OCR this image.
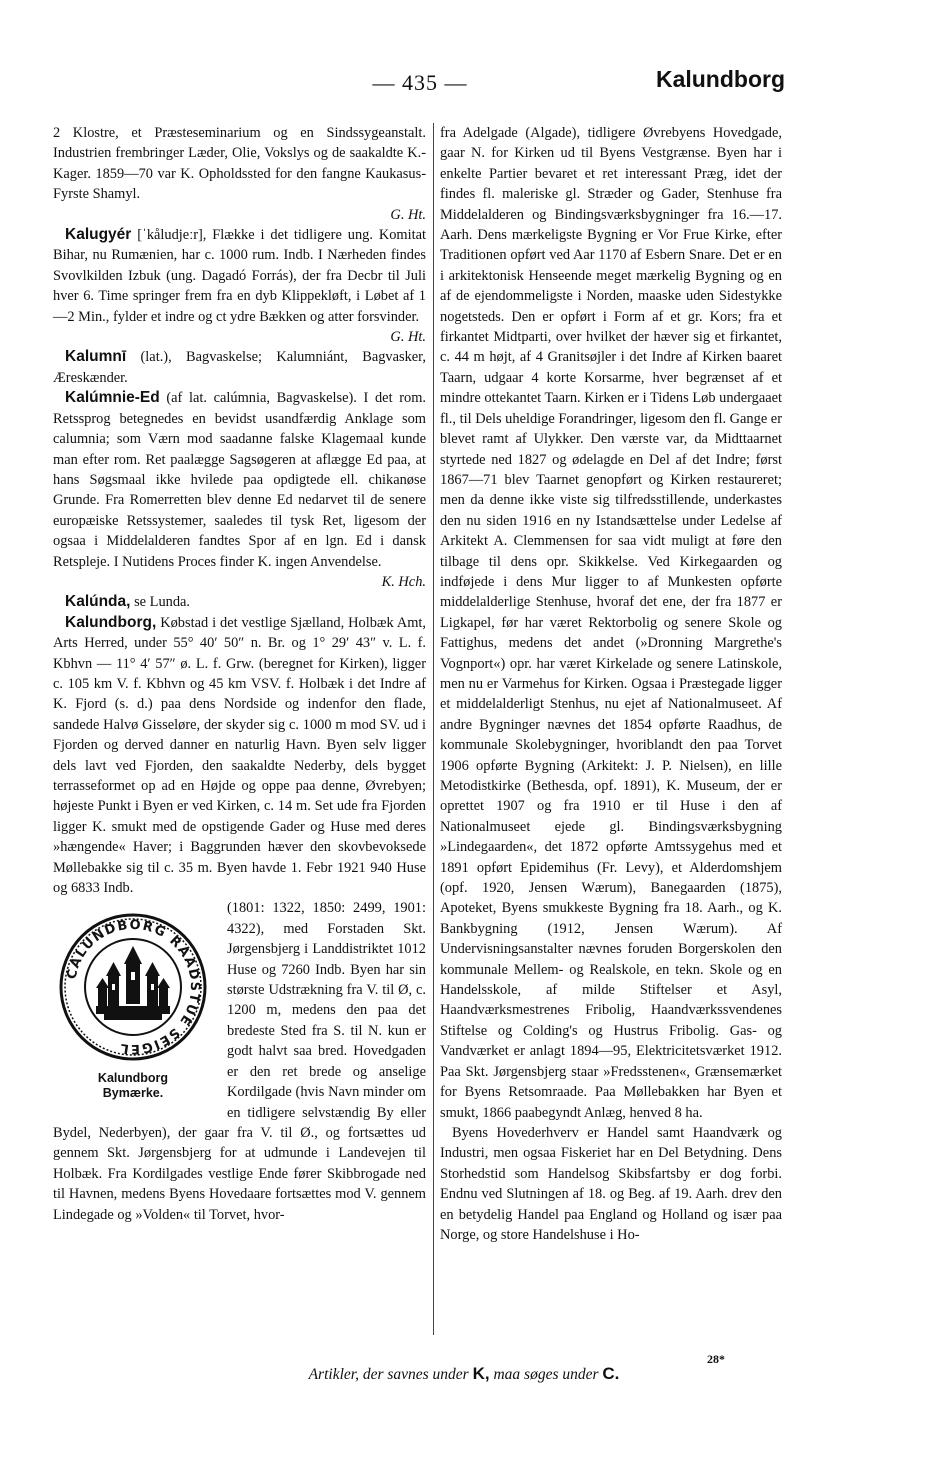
— 435 —	Kalundborg

2 Klostre, et Præsteseminarium og en Sindssygeanstalt. Industrien frembringer Læder, Olie, Vokslys og de saakaldte K.-Kager. 1859—70 var K. Opholdssted for den fangne Kaukasus-Fyrste Shamyl.
G. Ht.

Kalugyér [ˈkåludjeːr], Flække i det tidligere ung. Komitat Bihar, nu Rumænien, har c. 1000 rum. Indb. I Nærheden findes Svovlkilden Izbuk (ung. Dagadó Forrás), der fra Decbr til Juli hver 6. Time springer frem fra en dyb Klippekløft, i Løbet af 1—2 Min., fylder et indre og ct ydre Bækken og atter forsvinder.
G. Ht.

Kalumnī (lat.), Bagvaskelse; Kalumniánt, Bagvasker, Æreskænder.

Kalúmnie-Ed (af lat. calúmnia, Bagvaskelse). I det rom. Retssprog betegnedes en bevidst usandfærdig Anklage som calumnia; som Værn mod saadanne falske Klagemaal kunde man efter rom. Ret paalægge Sagsøgeren at aflægge Ed paa, at hans Søgsmaal ikke hvilede paa opdigtede ell. chikanøse Grunde. Fra Romerretten blev denne Ed nedarvet til de senere europæiske Retssystemer, saaledes til tysk Ret, ligesom der ogsaa i Middelalderen fandtes Spor af en lgn. Ed i dansk Retspleje. I Nutidens Proces finder K. ingen Anvendelse.
K. Hch.

Kalúnda, se Lunda.

Kalundborg, Købstad i det vestlige Sjælland, Holbæk Amt, Arts Herred, under 55° 40′ 50″ n. Br. og 1° 29′ 43″ v. L. f. Kbhvn — 11° 4′ 57″ ø. L. f. Grw. (beregnet for Kirken), ligger c. 105 km V. f. Kbhvn og 45 km VSV. f. Holbæk i det Indre af K. Fjord (s. d.) paa dens Nordside og indenfor den flade, sandede Halvø Gisseløre, der skyder sig c. 1000 m mod SV. ud i Fjorden og derved danner en naturlig Havn. Byen selv ligger dels lavt ved Fjorden, den saakaldte Nederby, dels bygget terrasseformet op ad en Højde og oppe paa denne, Øvrebyen; højeste Punkt i Byen er ved Kirken, c. 14 m. Set ude fra Fjorden ligger K. smukt med de opstigende Gader og Huse med deres »hængende« Haver; i Baggrunden hæver den skovbevoksede Møllebakke sig til c. 35 m. Byen havde 1. Febr 1921 940 Huse og 6833 Indb.

CALUNDBORG RAADSTUE SEIGEL
Kalundborg
Bymærke.
(1801: 1322, 1850: 2499, 1901: 4322), med Forstaden Skt. Jørgensbjerg i Landdistriktet 1012 Huse og 7260 Indb. Byen har sin største Udstrækning fra V. til Ø, c. 1200 m, medens den paa det bredeste Sted fra S. til N. kun er godt halvt saa bred. Hovedgaden er den ret brede og anselige Kordilgade (hvis Navn minder om en tidligere selvstændig By eller Bydel, Nederbyen), der gaar fra V. til Ø., og fortsættes ud gennem Skt. Jørgensbjerg for at udmunde i Landevejen til Holbæk. Fra Kordilgades vestlige Ende fører Skibbrogade ned til Havnen, medens Byens Hovedaare fortsættes mod V. gennem Lindegade og »Volden« til Torvet, hvor-

fra Adelgade (Algade), tidligere Øvrebyens Hovedgade, gaar N. for Kirken ud til Byens Vestgrænse. Byen har i enkelte Partier bevaret et ret interessant Præg, idet der findes fl. maleriske gl. Stræder og Gader, Stenhuse fra Middelalderen og Bindingsværksbygninger fra 16.—17. Aarh. Dens mærkeligste Bygning er Vor Frue Kirke, efter Traditionen opført ved Aar 1170 af Esbern Snare. Det er en i arkitektonisk Henseende meget mærkelig Bygning og en af de ejendommeligste i Norden, maaske uden Sidestykke nogetsteds. Den er opført i Form af et gr. Kors; fra et firkantet Midtparti, over hvilket der hæver sig et firkantet, c. 44 m højt, af 4 Granitsøjler i det Indre af Kirken baaret Taarn, udgaar 4 korte Korsarme, hver begrænset af et mindre ottekantet Taarn. Kirken er i Tidens Løb undergaaet fl., til Dels uheldige Forandringer, ligesom den fl. Gange er blevet ramt af Ulykker. Den værste var, da Midttaarnet styrtede ned 1827 og ødelagde en Del af det Indre; først 1867—71 blev Taarnet genopført og Kirken restaureret; men da denne ikke viste sig tilfredsstillende, underkastes den nu siden 1916 en ny Istandsættelse under Ledelse af Arkitekt A. Clemmensen for saa vidt muligt at føre den tilbage til dens opr. Skikkelse. Ved Kirkegaarden og indføjede i dens Mur ligger to af Munkesten opførte middelalderlige Stenhuse, hvoraf det ene, der fra 1877 er Ligkapel, før har været Rektorbolig og senere Skole og Fattighus, medens det andet (»Dronning Margrethe's Vognport«) opr. har været Kirkelade og senere Latinskole, men nu er Varmehus for Kirken. Ogsaa i Præstegade ligger et middelalderligt Stenhus, nu ejet af Nationalmuseet. Af andre Bygninger nævnes det 1854 opførte Raadhus, de kommunale Skolebygninger, hvoriblandt den paa Torvet 1906 opførte Bygning (Arkitekt: J. P. Nielsen), en lille Metodistkirke (Bethesda, opf. 1891), K. Museum, der er oprettet 1907 og fra 1910 er til Huse i den af Nationalmuseet ejede gl. Bindingsværksbygning »Lindegaarden«, det 1872 opførte Amtssygehus med et 1891 opført Epidemihus (Fr. Levy), et Alderdomshjem (opf. 1920, Jensen Wærum), Banegaarden (1875), Apoteket, Byens smukkeste Bygning fra 18. Aarh., og K. Bankbygning (1912, Jensen Wærum). Af Undervisningsanstalter nævnes foruden Borgerskolen den kommunale Mellem- og Realskole, en tekn. Skole og en Handelsskole, af milde Stiftelser et Asyl, Haandværksmestrenes Fribolig, Haandværkssvendenes Stiftelse og Colding's og Hustrus Fribolig. Gas- og Vandværket er anlagt 1894—95, Elektricitetsværket 1912. Paa Skt. Jørgensbjerg staar »Fredsstenen«, Grænsemærket for Byens Retsomraade. Paa Møllebakken har Byen et smukt, 1866 paabegyndt Anlæg, henved 8 ha.

Byens Hovederhverv er Handel samt Haandværk og Industri, men ogsaa Fiskeriet har en Del Betydning. Dens Storhedstid som Handelsog Skibsfartsby er dog forbi. Endnu ved Slutningen af 18. og Beg. af 19. Aarh. drev den en betydelig Handel paa England og Holland og især paa Norge, og store Handelshuse i Ho-

28*
Artikler, der savnes under K, maa søges under C.
